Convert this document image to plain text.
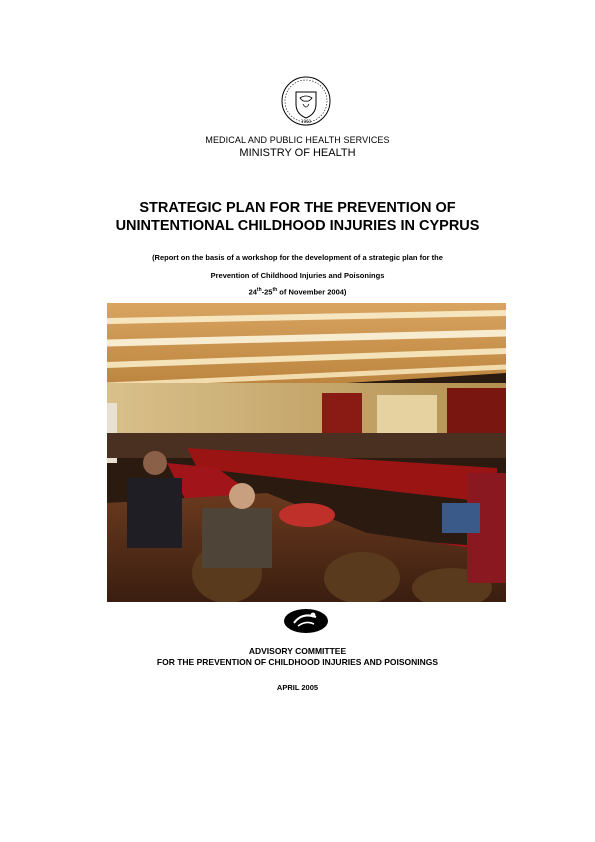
1960
MEDICAL AND PUBLIC HEALTH SERVICES
MINISTRY OF HEALTH
STRATEGIC PLAN FOR THE PREVENTION OF
UNINTENTIONAL CHILDHOOD INJURIES IN CYPRUS
(Report on the basis of a workshop for the development of a strategic plan for the
Prevention of Childhood Injuries and Poisonings
24th-25th of November 2004)
ADVISORY COMMITTEE
FOR THE PREVENTION OF CHILDHOOD INJURIES AND POISONINGS
APRIL 2005
